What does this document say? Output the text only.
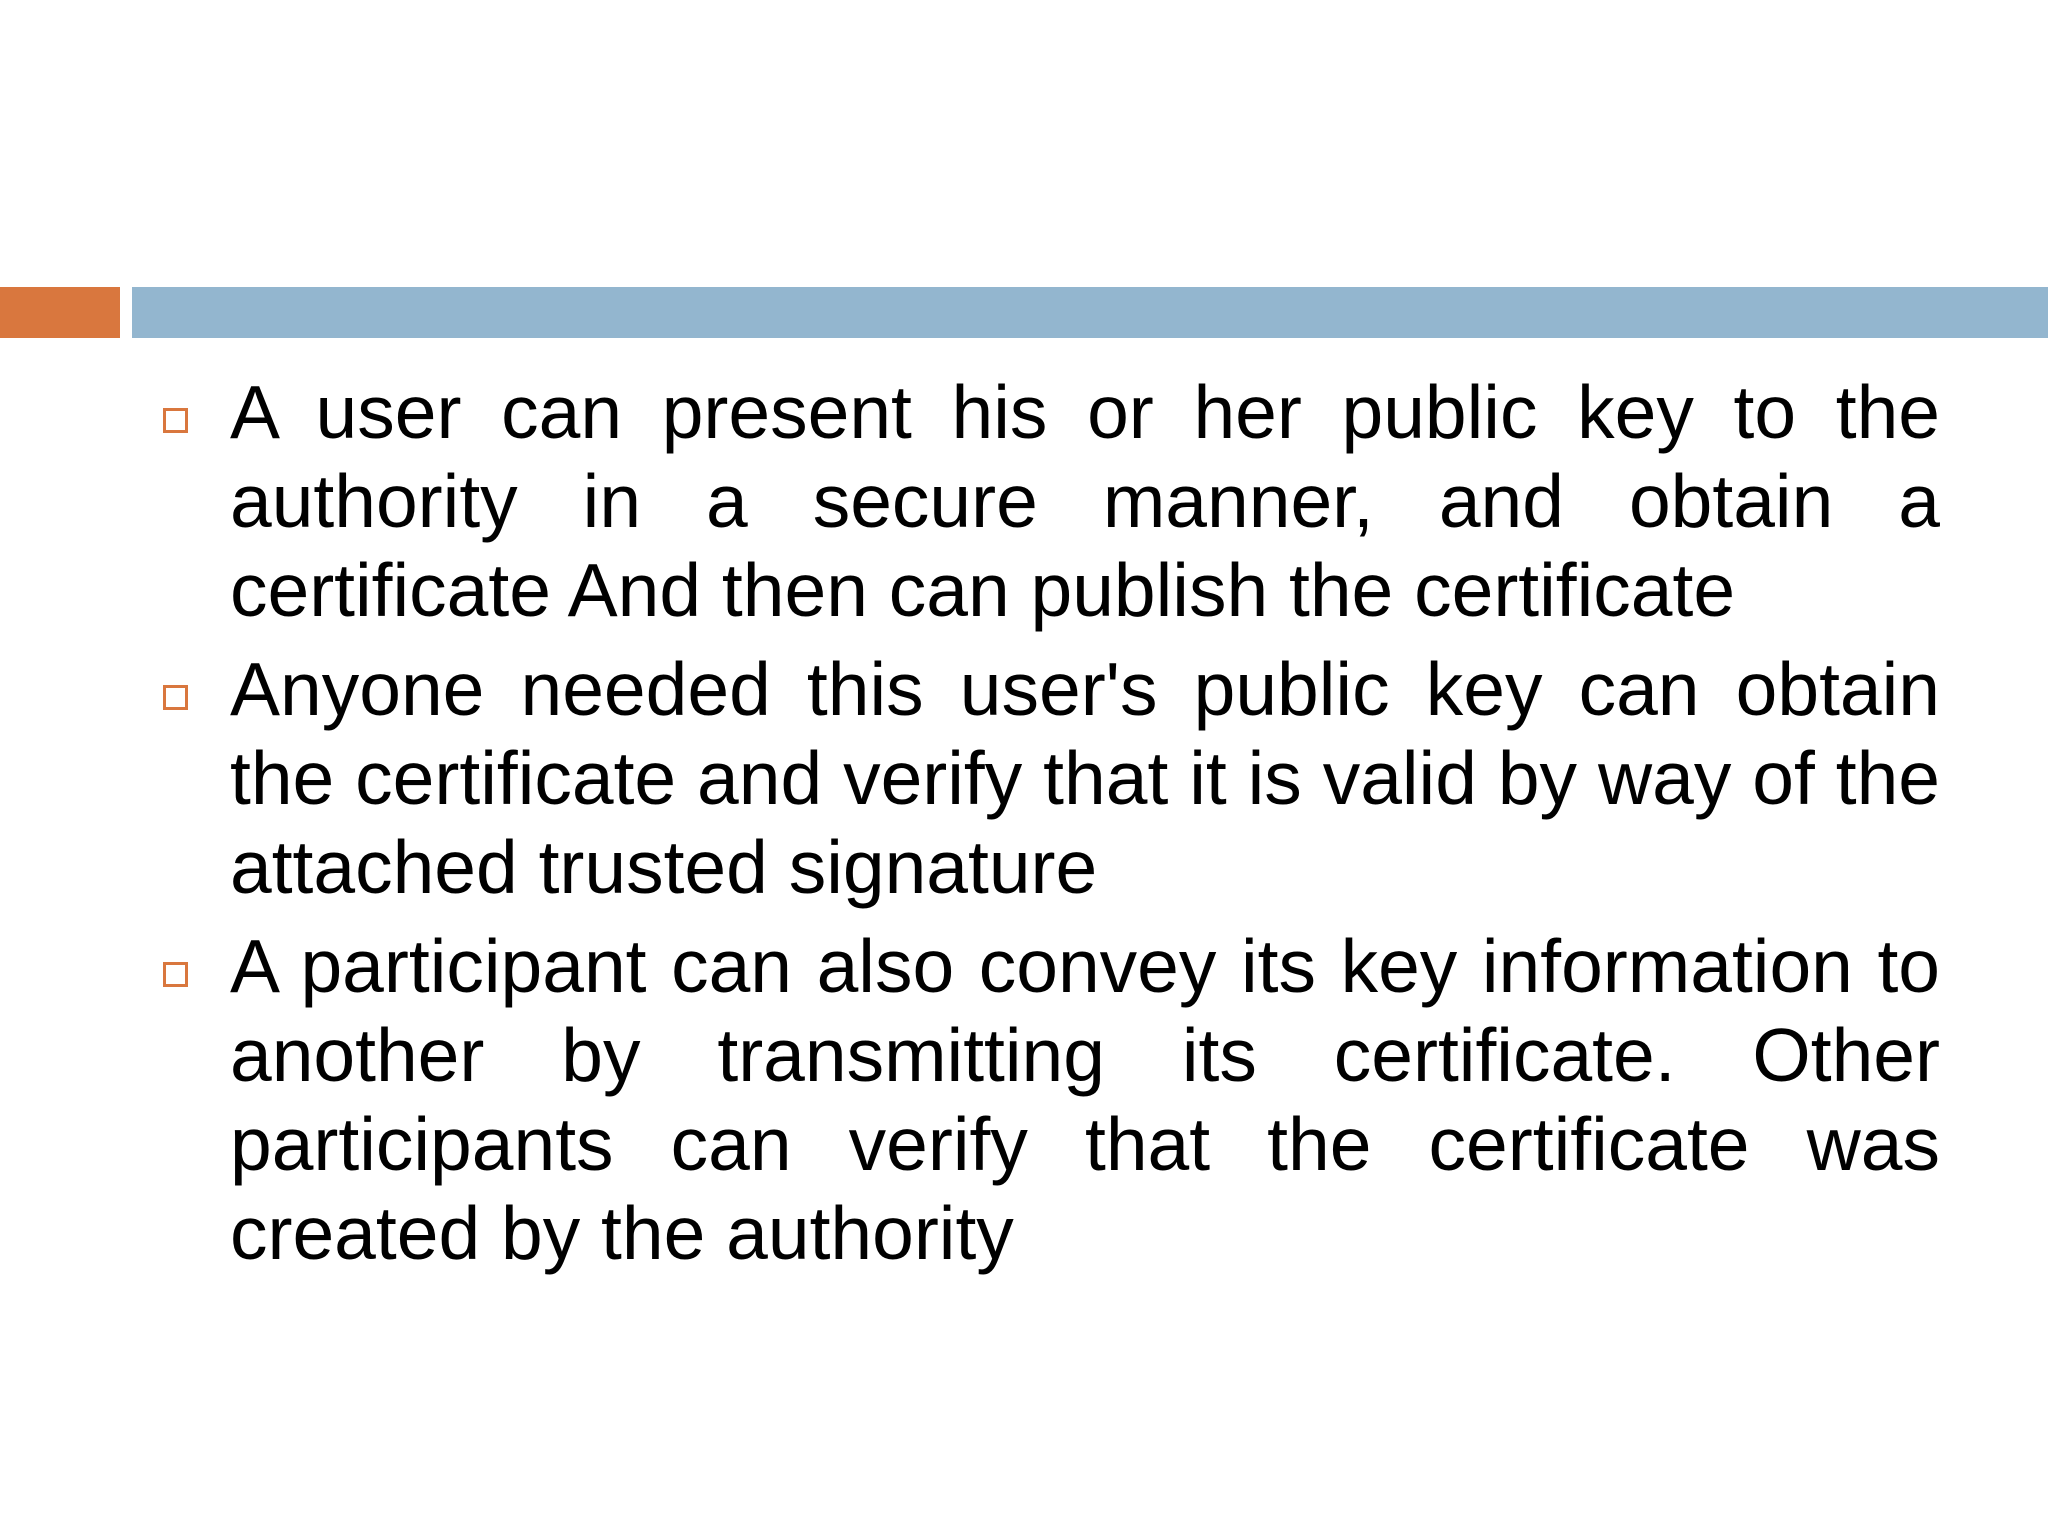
A user can present his or her public key to the authority in a secure manner, and obtain a certificate And then can publish the certificate
Anyone needed this user's public key can obtain the certificate and verify that it is valid by way of the attached trusted signature
A participant can also convey its key information to another by transmitting its certificate. Other participants can verify that the certificate was created by the authority
